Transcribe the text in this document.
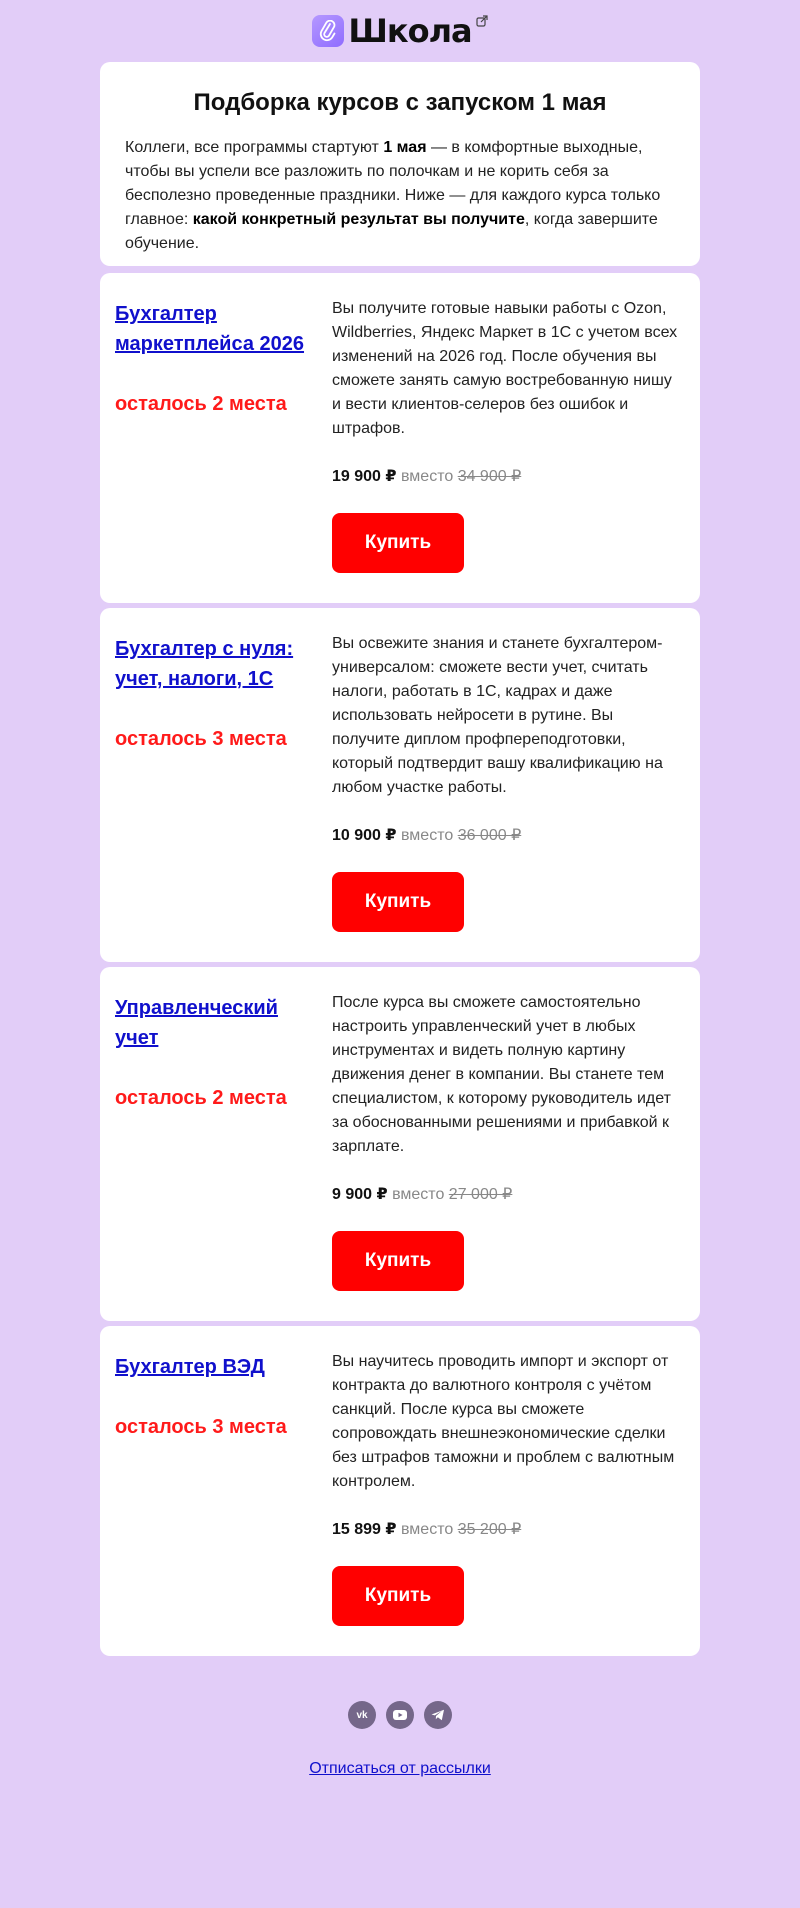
Школа
Подборка курсов с запуском 1 мая

Коллеги, все программы стартуют 1 мая — в комфортные выходные, чтобы вы успели все разложить по полочкам и не корить себя за бесполезно проведенные праздники. Ниже — для каждого курса только главное: какой конкретный результат вы получите, когда завершите обучение.

Бухгалтер маркетплейса 2026
осталось 2 места

Вы получите готовые навыки работы с Ozon, Wildberries, Яндекс Маркет в 1С с учетом всех изменений на 2026 год. После обучения вы сможете занять самую востребованную нишу и вести клиентов-селеров без ошибок и штрафов.

19 900 ₽ вместо 34 900 ₽

Купить
Бухгалтер с нуля: учет, налоги, 1С
осталось 3 места

Вы освежите знания и станете бухгалтером-универсалом: сможете вести учет, считать налоги, работать в 1С, кадрах и даже использовать нейросети в рутине. Вы получите диплом профпереподготовки, который подтвердит вашу квалификацию на любом участке работы.

10 900 ₽ вместо 36 000 ₽

Купить
Управленческий учет
осталось 2 места

После курса вы сможете самостоятельно настроить управленческий учет в любых инструментах и видеть полную картину движения денег в компании. Вы станете тем специалистом, к которому руководитель идет за обоснованными решениями и прибавкой к зарплате.

9 900 ₽ вместо 27 000 ₽

Купить
Бухгалтер ВЭД
осталось 3 места

Вы научитесь проводить импорт и экспорт от контракта до валютного контроля с учётом санкций. После курса вы сможете сопровождать внешнеэкономические сделки без штрафов таможни и проблем с валютным контролем.

15 899 ₽ вместо 35 200 ₽

Купить
vk
Отписаться от рассылки
